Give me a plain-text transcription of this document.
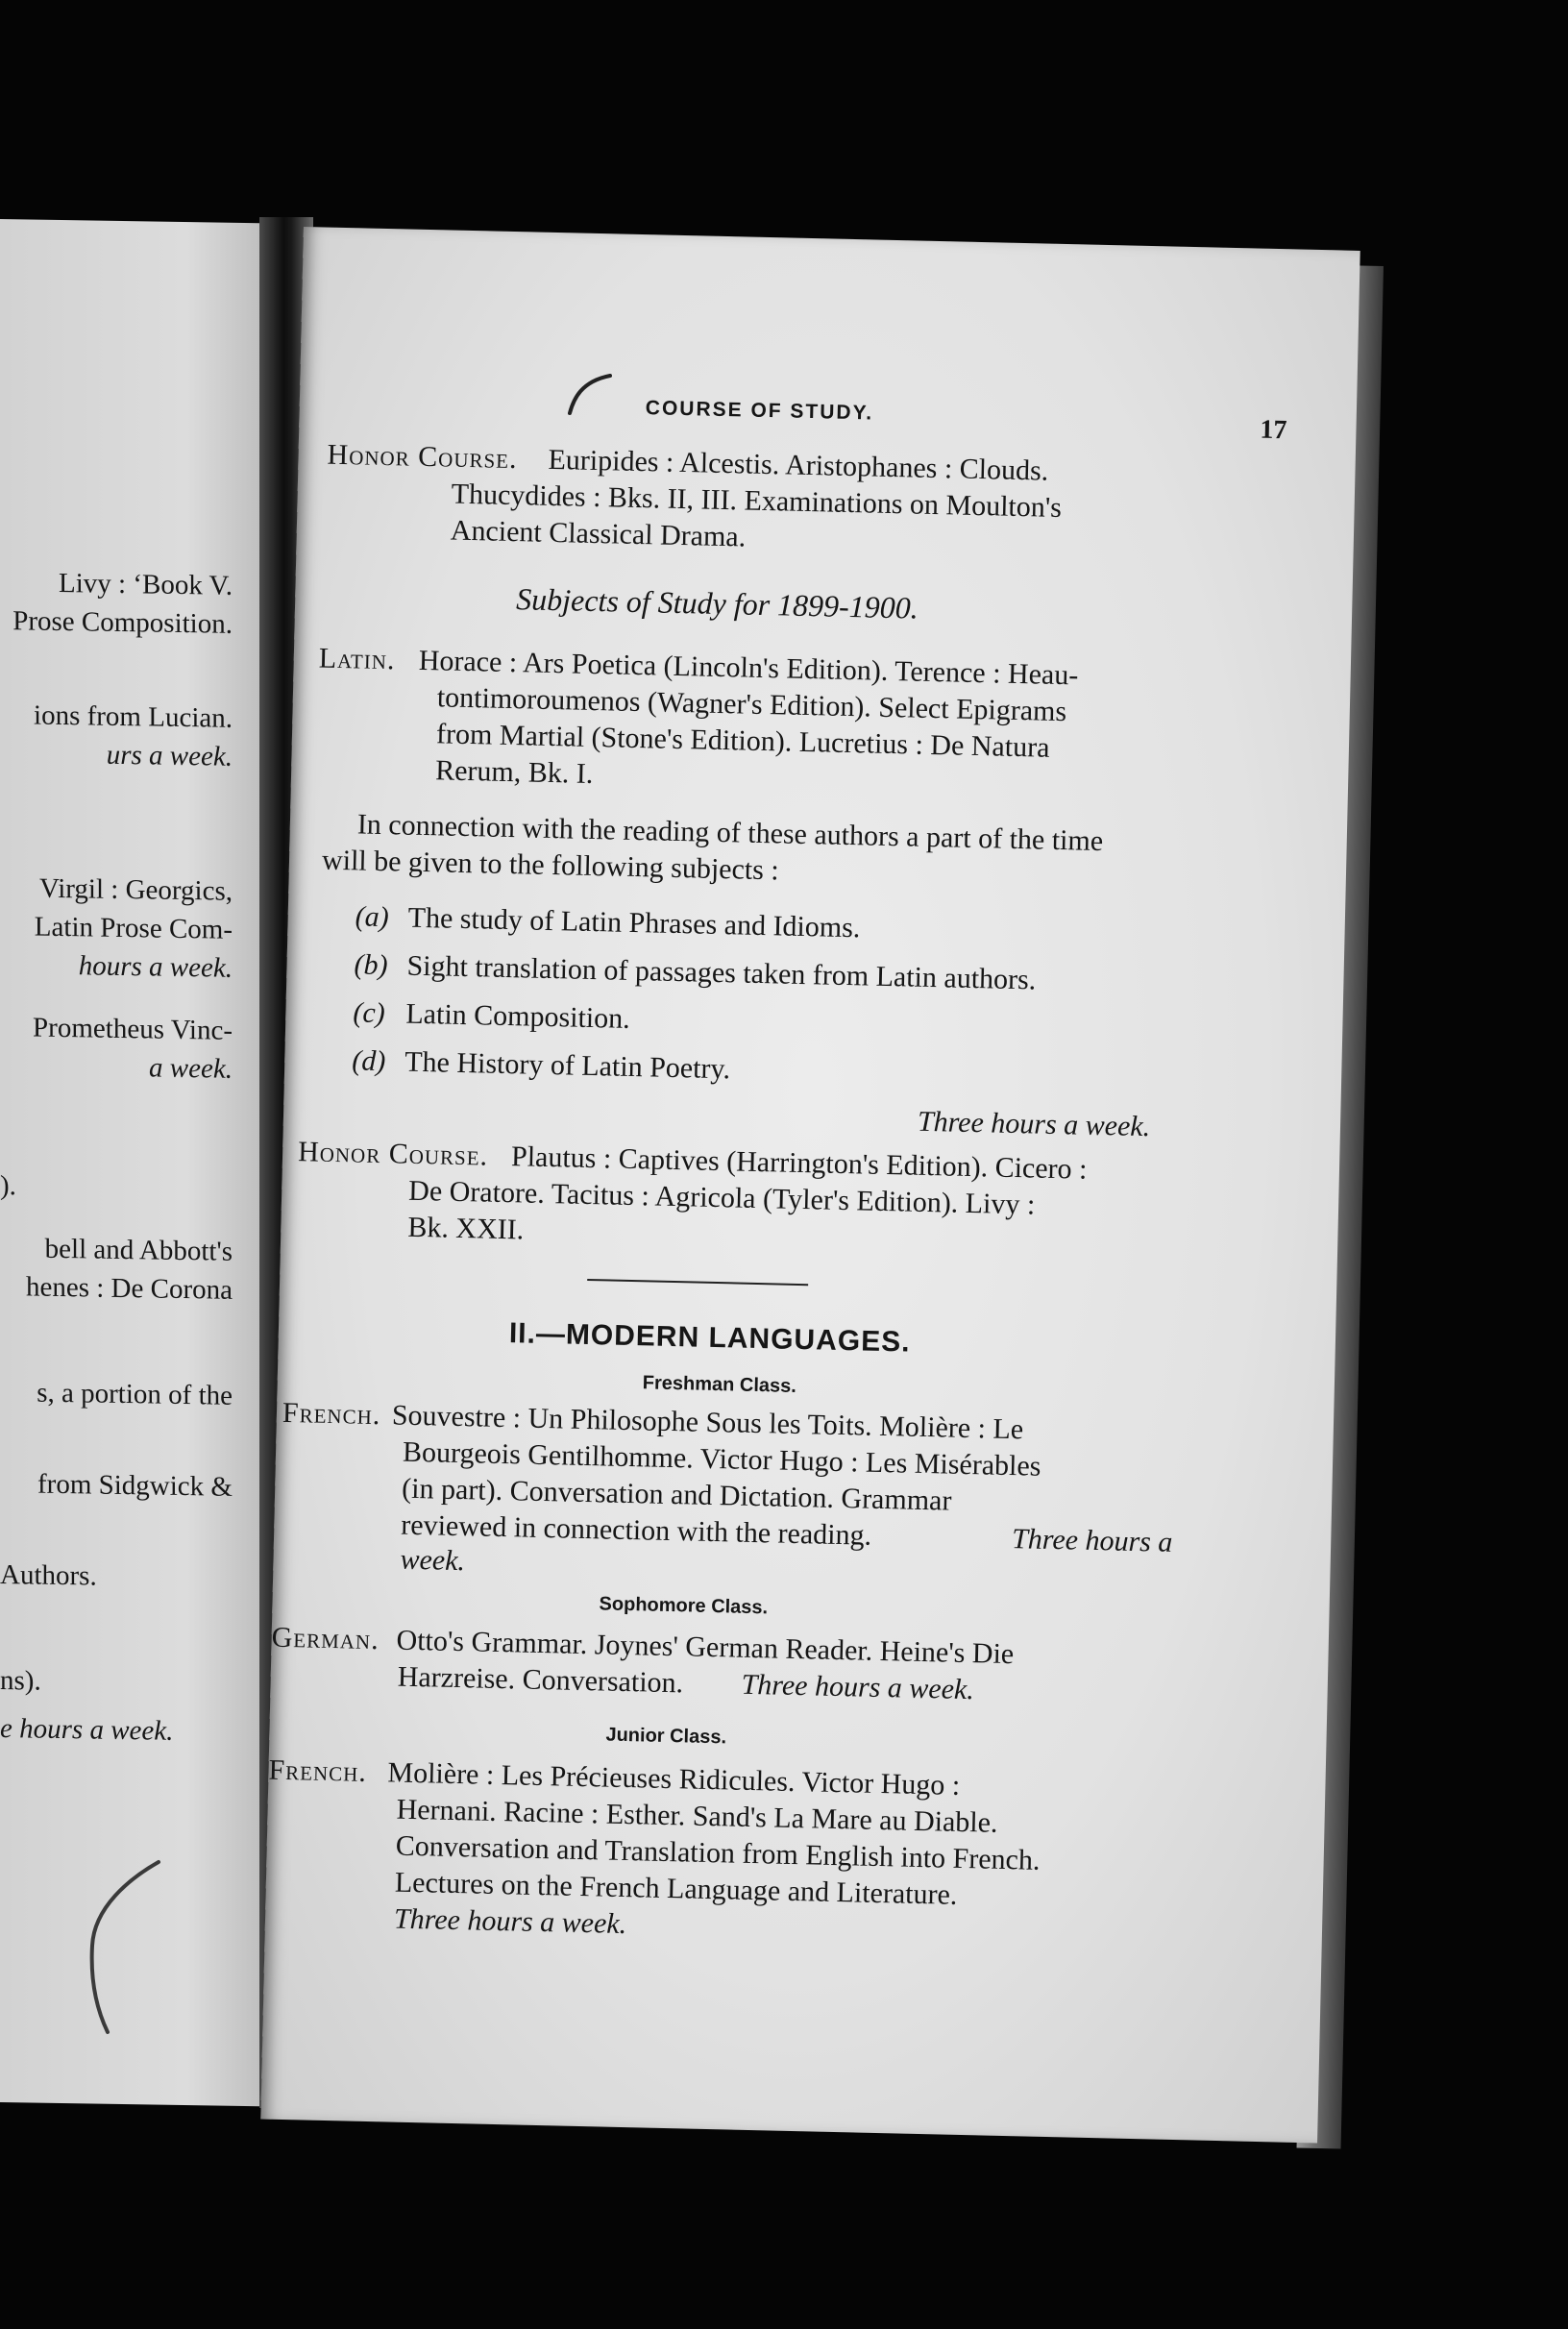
Livy : ‘Book V.
Prose Composition.
ions from Lucian.
urs a week.
Virgil : Georgics,
Latin Prose Com-
hours a week.
Prometheus Vinc-
a week.
).
bell and Abbott's
henes : De Corona
s, a portion of the
from Sidgwick &
Authors.
ns).
e hours a week.
COURSE OF STUDY.
17
Honor Course. Euripides : Alcestis. Aristophanes : Clouds.
Thucydides : Bks. II, III. Examinations on Moulton's
Ancient Classical Drama.
Subjects of Study for 1899-1900.
Latin. Horace : Ars Poetica (Lincoln's Edition). Terence : Heau-
tontimoroumenos (Wagner's Edition). Select Epigrams
from Martial (Stone's Edition). Lucretius : De Natura
Rerum, Bk. I.
In connection with the reading of these authors a part of the time
will be given to the following subjects :
(a) The study of Latin Phrases and Idioms.
(b) Sight translation of passages taken from Latin authors.
(c) Latin Composition.
(d) The History of Latin Poetry.
Three hours a week.
Honor Course. Plautus : Captives (Harrington's Edition). Cicero :
De Oratore. Tacitus : Agricola (Tyler's Edition). Livy :
Bk. XXII.
II.—MODERN LANGUAGES.
Freshman Class.
French. Souvestre : Un Philosophe Sous les Toits. Molière : Le
Bourgeois Gentilhomme. Victor Hugo : Les Misérables
(in part). Conversation and Dictation. Grammar
reviewed in connection with the reading.	Three hours a
week.
Sophomore Class.
German. Otto's Grammar. Joynes' German Reader. Heine's Die
Harzreise. Conversation. Three hours a week.
Junior Class.
French. Molière : Les Précieuses Ridicules. Victor Hugo :
Hernani. Racine : Esther. Sand's La Mare au Diable.
Conversation and Translation from English into French.
Lectures on the French Language and Literature.
Three hours a week.
